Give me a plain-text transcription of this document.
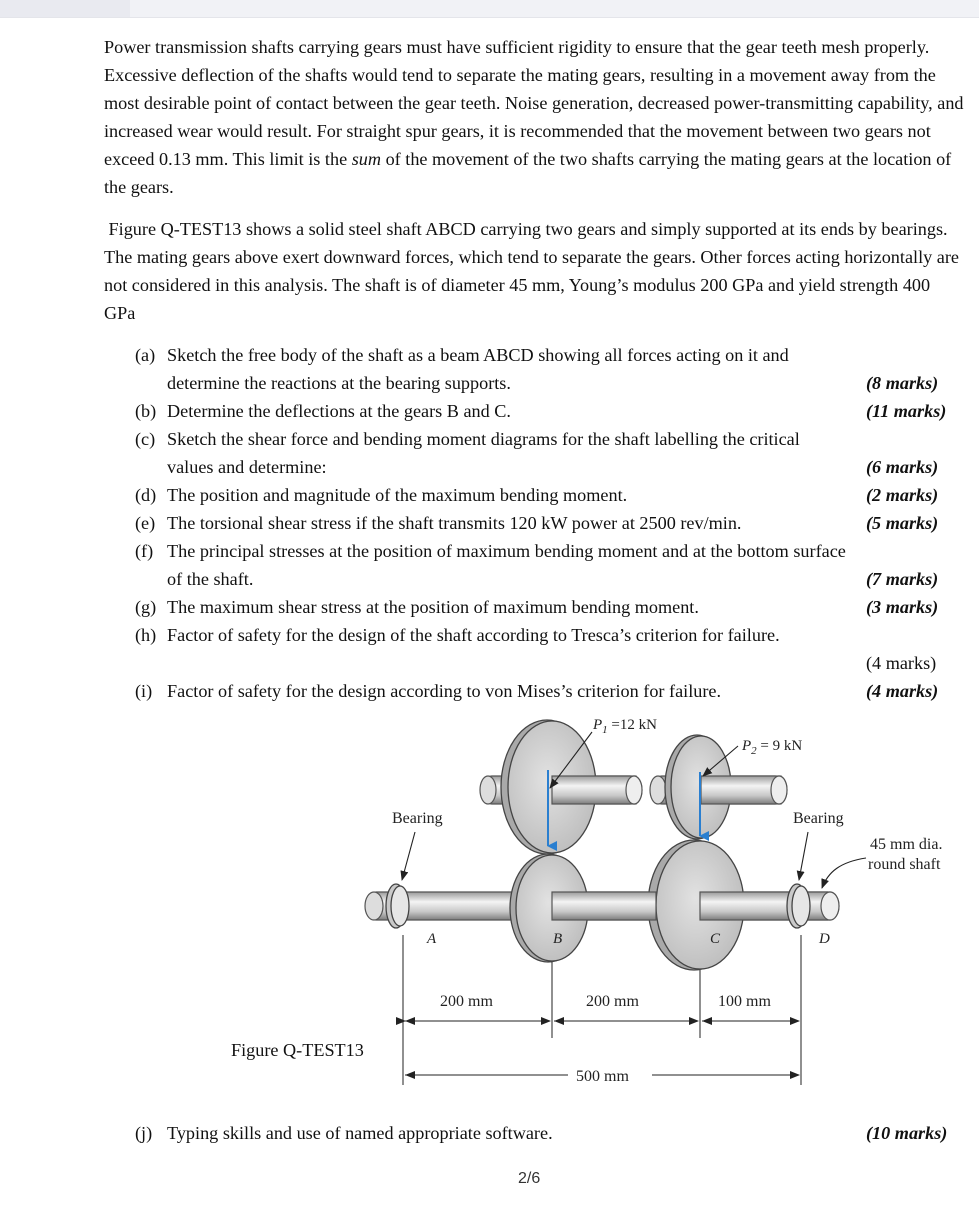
Power transmission shafts carrying gears must have sufficient rigidity to ensure that the gear teeth mesh properly. Excessive deflection of the shafts would tend to separate the mating gears, resulting in a movement away from the most desirable point of contact between the gear teeth. Noise generation, decreased power-transmitting capability, and increased wear would result. For straight spur gears, it is recommended that the movement between two gears not exceed 0.13 mm. This limit is the sum of the movement of the two shafts carrying the mating gears at the location of the gears.

Figure Q-TEST13 shows a solid steel shaft ABCD carrying two gears and simply supported at its ends by bearings. The mating gears above exert downward forces, which tend to separate the gears. Other forces acting horizontally are not considered in this analysis. The shaft is of diameter 45 mm, Young’s modulus 200 GPa and yield strength 400 GPa

(a) Sketch the free body of the shaft as a beam ABCD showing all forces acting on it and
determine the reactions at the bearing supports.	(8 marks)
(b) Determine the deflections at the gears B and C.	(11 marks)
(c) Sketch the shear force and bending moment diagrams for the shaft labelling the critical
values and determine:	(6 marks)
(d) The position and magnitude of the maximum bending moment.	(2 marks)
(e) The torsional shear stress if the shaft transmits 120 kW power at 2500 rev/min.	(5 marks)
(f) The principal stresses at the position of maximum bending moment and at the bottom surface
of the shaft.	(7 marks)
(g) The maximum shear stress at the position of maximum bending moment.	(3 marks)
(h) Factor of safety for the design of the shaft according to Tresca’s criterion for failure.
(4 marks)
(i) Factor of safety for the design according to von Mises’s criterion for failure.	(4 marks)
$P_1 =12$ kN
$P_2 = 9$ kN
Bearing	Bearing
45 mm dia.
round shaft
A	B	C	D
200 mm	200 mm	100 mm
500 mm
Figure Q-TEST13
(j) Typing skills and use of named appropriate software.	(10 marks)
2/6
